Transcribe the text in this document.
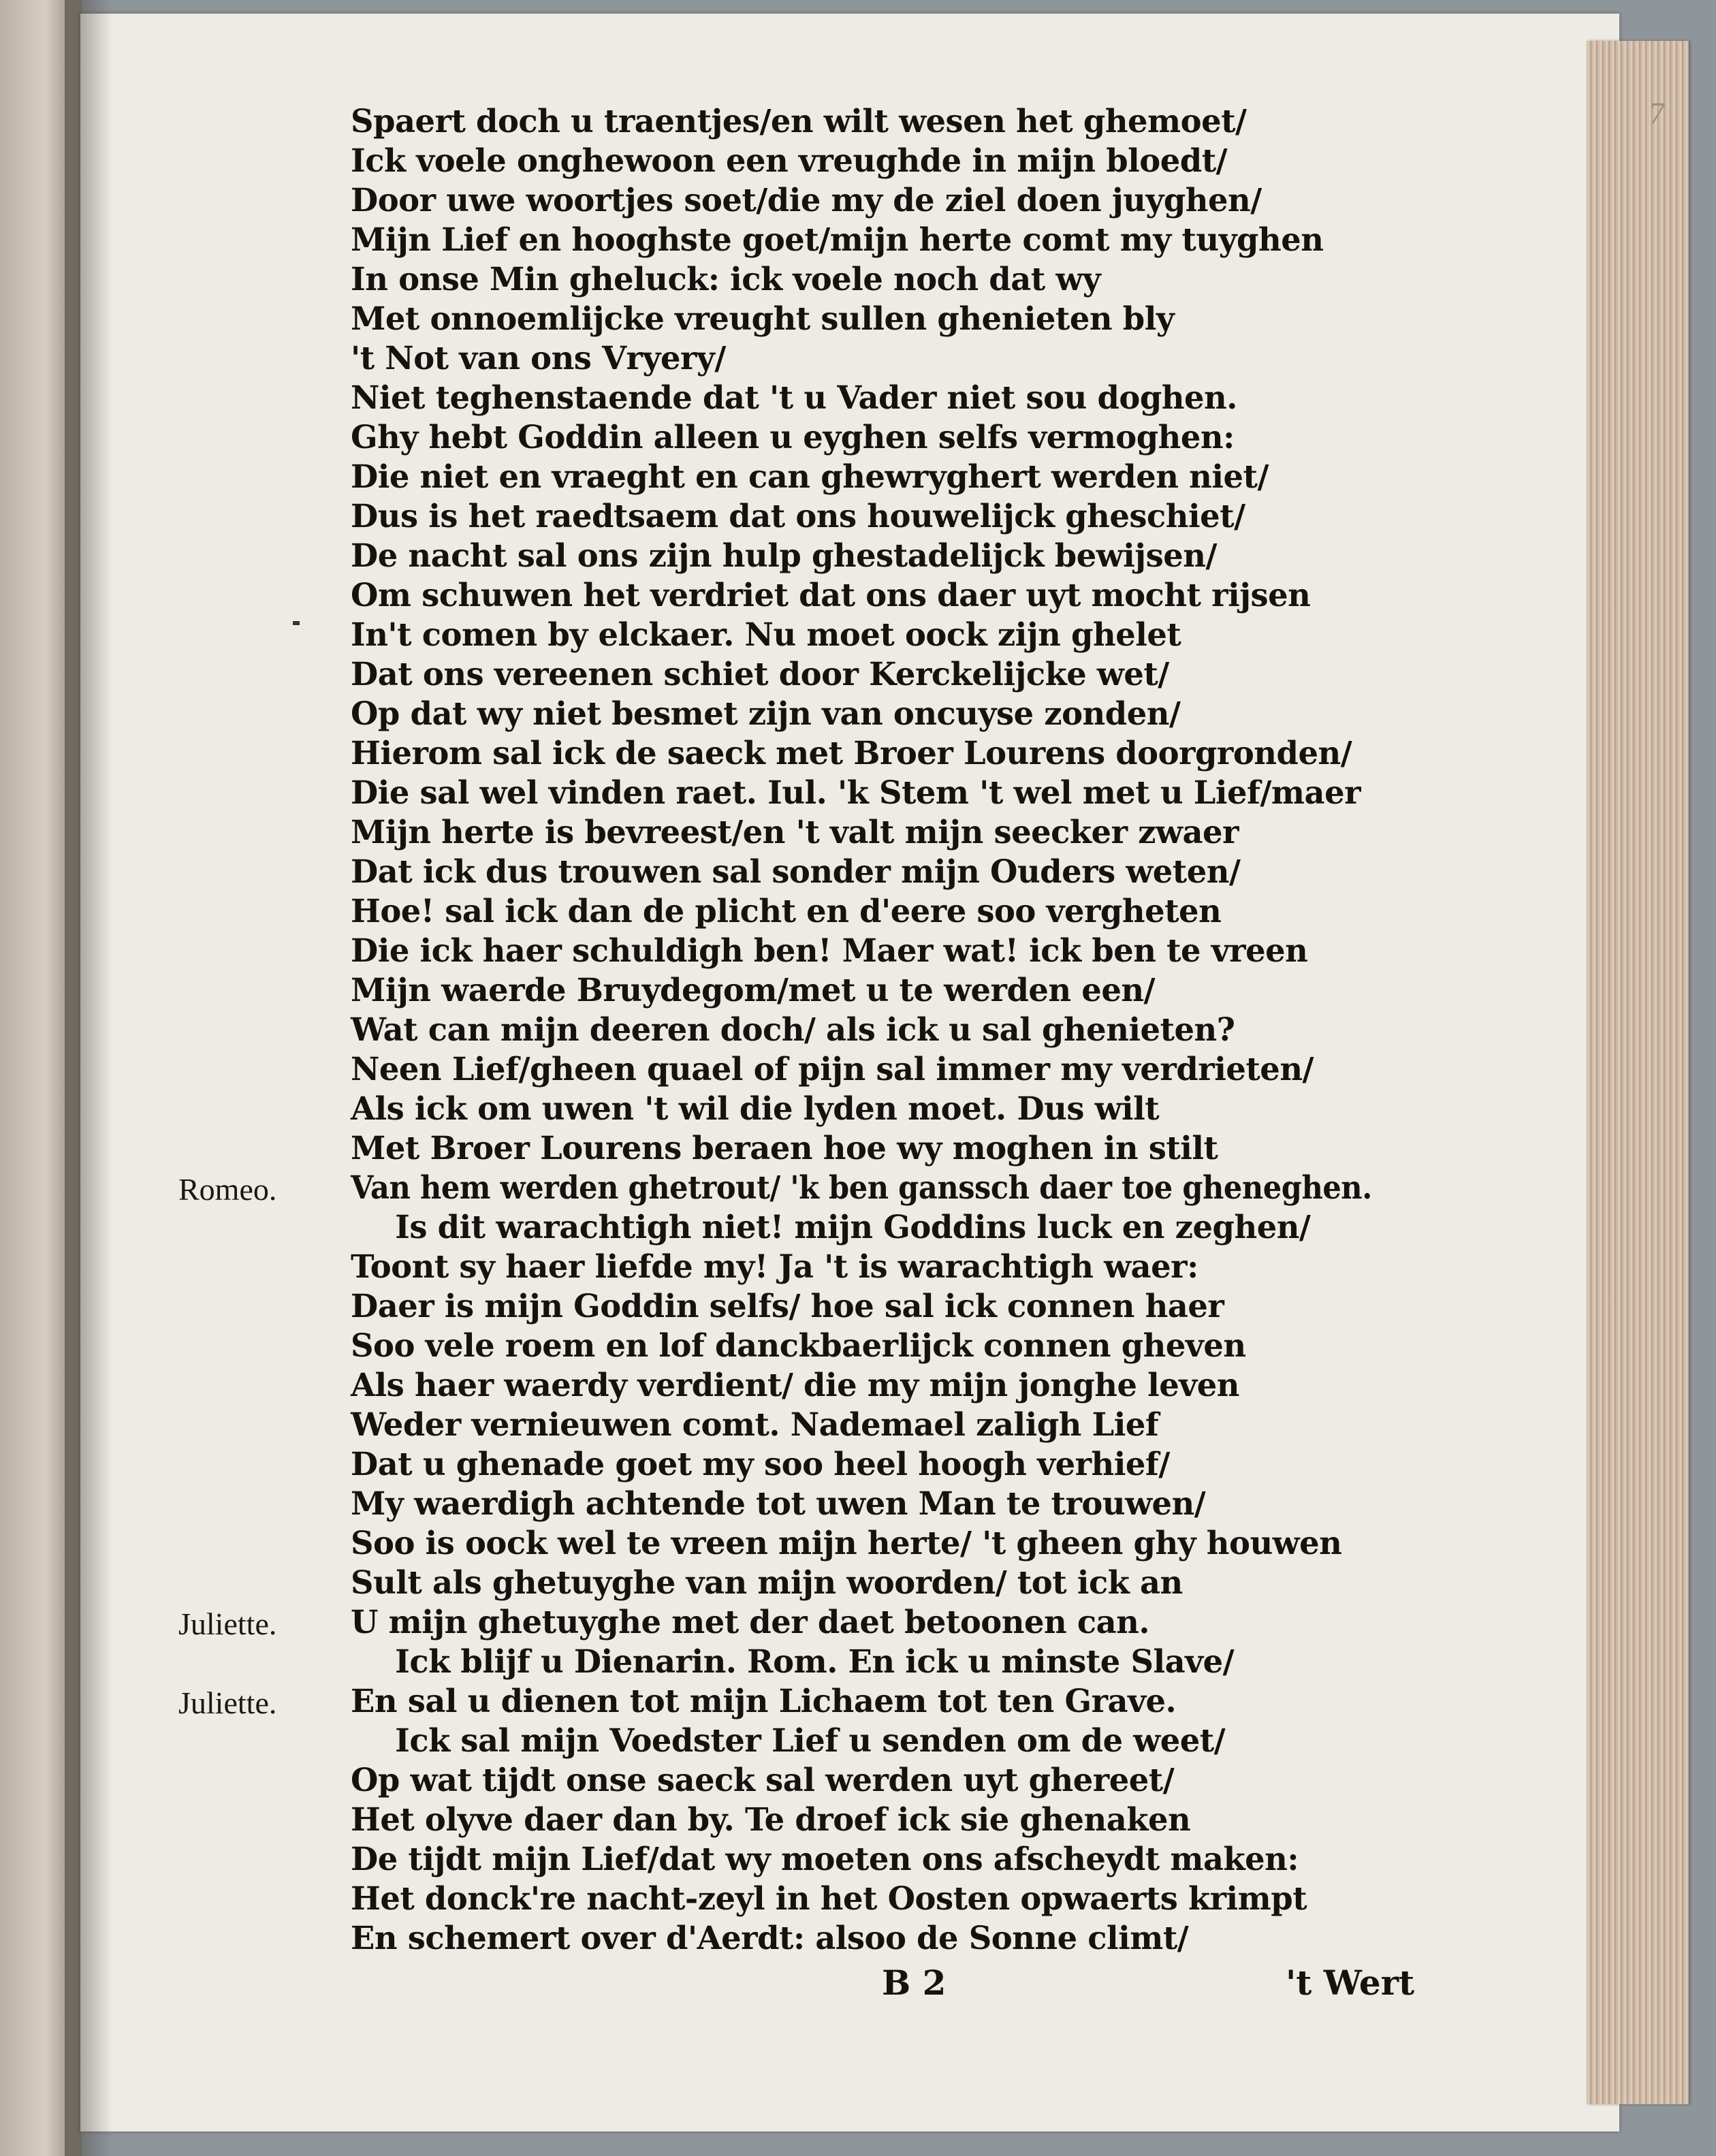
7
Spaert doch u traentjes/en wilt wesen het ghemoet/
Ick voele onghewoon een vreughde in mijn bloedt/
Door uwe woortjes soet/die my de ziel doen juyghen/
Mijn Lief en hooghste goet/mijn herte comt my tuyghen
In onse Min gheluck: ick voele noch dat wy
Met onnoemlijcke vreught sullen ghenieten bly
't Not van ons Vryery/
Niet teghenstaende dat 't u Vader niet sou doghen.
Ghy hebt Goddin alleen u eyghen selfs vermoghen:
Die niet en vraeght en can ghewryghert werden niet/
Dus is het raedtsaem dat ons houwelijck gheschiet/
De nacht sal ons zijn hulp ghestadelijck bewijsen/
Om schuwen het verdriet dat ons daer uyt mocht rijsen
In't comen by elckaer. Nu moet oock zijn ghelet
Dat ons vereenen schiet door Kerckelijcke wet/
Op dat wy niet besmet zijn van oncuyse zonden/
Hierom sal ick de saeck met Broer Lourens doorgronden/
Die sal wel vinden raet. Iul. 'k Stem 't wel met u Lief/maer
Mijn herte is bevreest/en 't valt mijn seecker zwaer
Dat ick dus trouwen sal sonder mijn Ouders weten/
Hoe! sal ick dan de plicht en d'eere soo vergheten
Die ick haer schuldigh ben! Maer wat! ick ben te vreen
Mijn waerde Bruydegom/met u te werden een/
Wat can mijn deeren doch/ als ick u sal ghenieten?
Neen Lief/gheen quael of pijn sal immer my verdrieten/
Als ick om uwen 't wil die lyden moet. Dus wilt
Met Broer Lourens beraen hoe wy moghen in stilt
Van hem werden ghetrout/ 'k ben ganssch daer toe gheneghen.
Is dit warachtigh niet! mijn Goddins luck en zeghen/
Toont sy haer liefde my! Ja 't is warachtigh waer:
Daer is mijn Goddin selfs/ hoe sal ick connen haer
Soo vele roem en lof danckbaerlijck connen gheven
Als haer waerdy verdient/ die my mijn jonghe leven
Weder vernieuwen comt. Nademael zaligh Lief
Dat u ghenade goet my soo heel hoogh verhief/
My waerdigh achtende tot uwen Man te trouwen/
Soo is oock wel te vreen mijn herte/ 't gheen ghy houwen
Sult als ghetuyghe van mijn woorden/ tot ick an
U mijn ghetuyghe met der daet betoonen can.
Ick blijf u Dienarin. Rom. En ick u minste Slave/
En sal u dienen tot mijn Lichaem tot ten Grave.
Ick sal mijn Voedster Lief u senden om de weet/
Op wat tijdt onse saeck sal werden uyt ghereet/
Het olyve daer dan by. Te droef ick sie ghenaken
De tijdt mijn Lief/dat wy moeten ons afscheydt maken:
Het donck're nacht-zeyl in het Oosten opwaerts krimpt
En schemert over d'Aerdt: alsoo de Sonne climt/
Romeo.
Juliette.
Juliette.
B 2	't Wert
